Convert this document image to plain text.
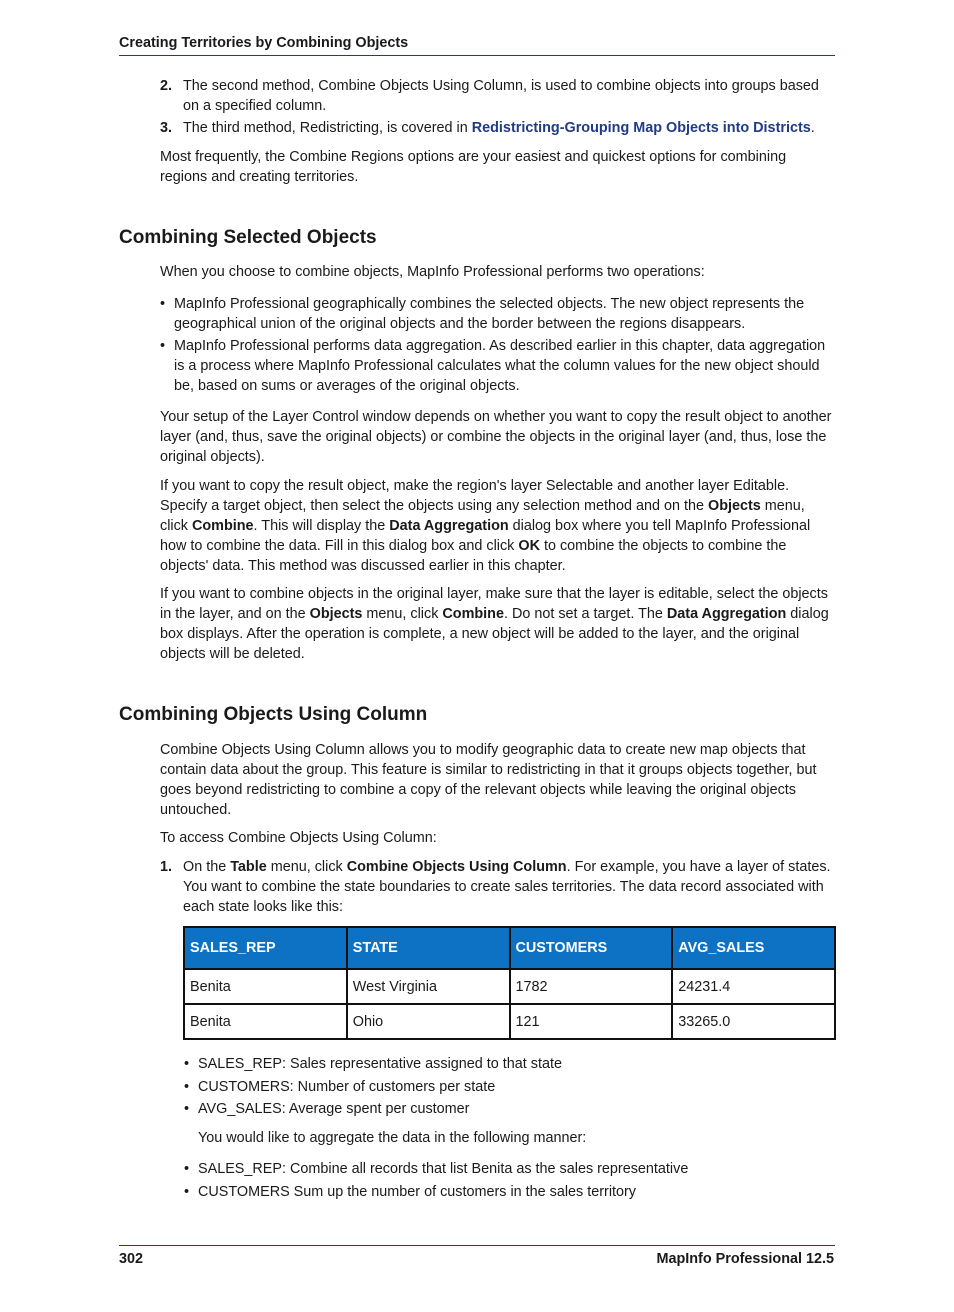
Creating Territories by Combining Objects
2. The second method, Combine Objects Using Column, is used to combine objects into groups based on a specified column.
3. The third method, Redistricting, is covered in Redistricting-Grouping Map Objects into Districts.
Most frequently, the Combine Regions options are your easiest and quickest options for combining regions and creating territories.
Combining Selected Objects
When you choose to combine objects, MapInfo Professional performs two operations:
• MapInfo Professional geographically combines the selected objects. The new object represents the geographical union of the original objects and the border between the regions disappears.
• MapInfo Professional performs data aggregation. As described earlier in this chapter, data aggregation is a process where MapInfo Professional calculates what the column values for the new object should be, based on sums or averages of the original objects.
Your setup of the Layer Control window depends on whether you want to copy the result object to another layer (and, thus, save the original objects) or combine the objects in the original layer (and, thus, lose the original objects).
If you want to copy the result object, make the region's layer Selectable and another layer Editable. Specify a target object, then select the objects using any selection method and on the Objects menu, click Combine. This will display the Data Aggregation dialog box where you tell MapInfo Professional how to combine the data. Fill in this dialog box and click OK to combine the objects to combine the objects' data. This method was discussed earlier in this chapter.
If you want to combine objects in the original layer, make sure that the layer is editable, select the objects in the layer, and on the Objects menu, click Combine. Do not set a target. The Data Aggregation dialog box displays. After the operation is complete, a new object will be added to the layer, and the original objects will be deleted.
Combining Objects Using Column
Combine Objects Using Column allows you to modify geographic data to create new map objects that contain data about the group. This feature is similar to redistricting in that it groups objects together, but goes beyond redistricting to combine a copy of the relevant objects while leaving the original objects untouched.
To access Combine Objects Using Column:
1. On the Table menu, click Combine Objects Using Column. For example, you have a layer of states. You want to combine the state boundaries to create sales territories. The data record associated with each state looks like this:
SALES_REP	STATE	CUSTOMERS	AVG_SALES
Benita	West Virginia	1782	24231.4
Benita	Ohio	121	33265.0
• SALES_REP: Sales representative assigned to that state
• CUSTOMERS: Number of customers per state
• AVG_SALES: Average spent per customer
You would like to aggregate the data in the following manner:
• SALES_REP: Combine all records that list Benita as the sales representative
• CUSTOMERS Sum up the number of customers in the sales territory
302	MapInfo Professional 12.5
